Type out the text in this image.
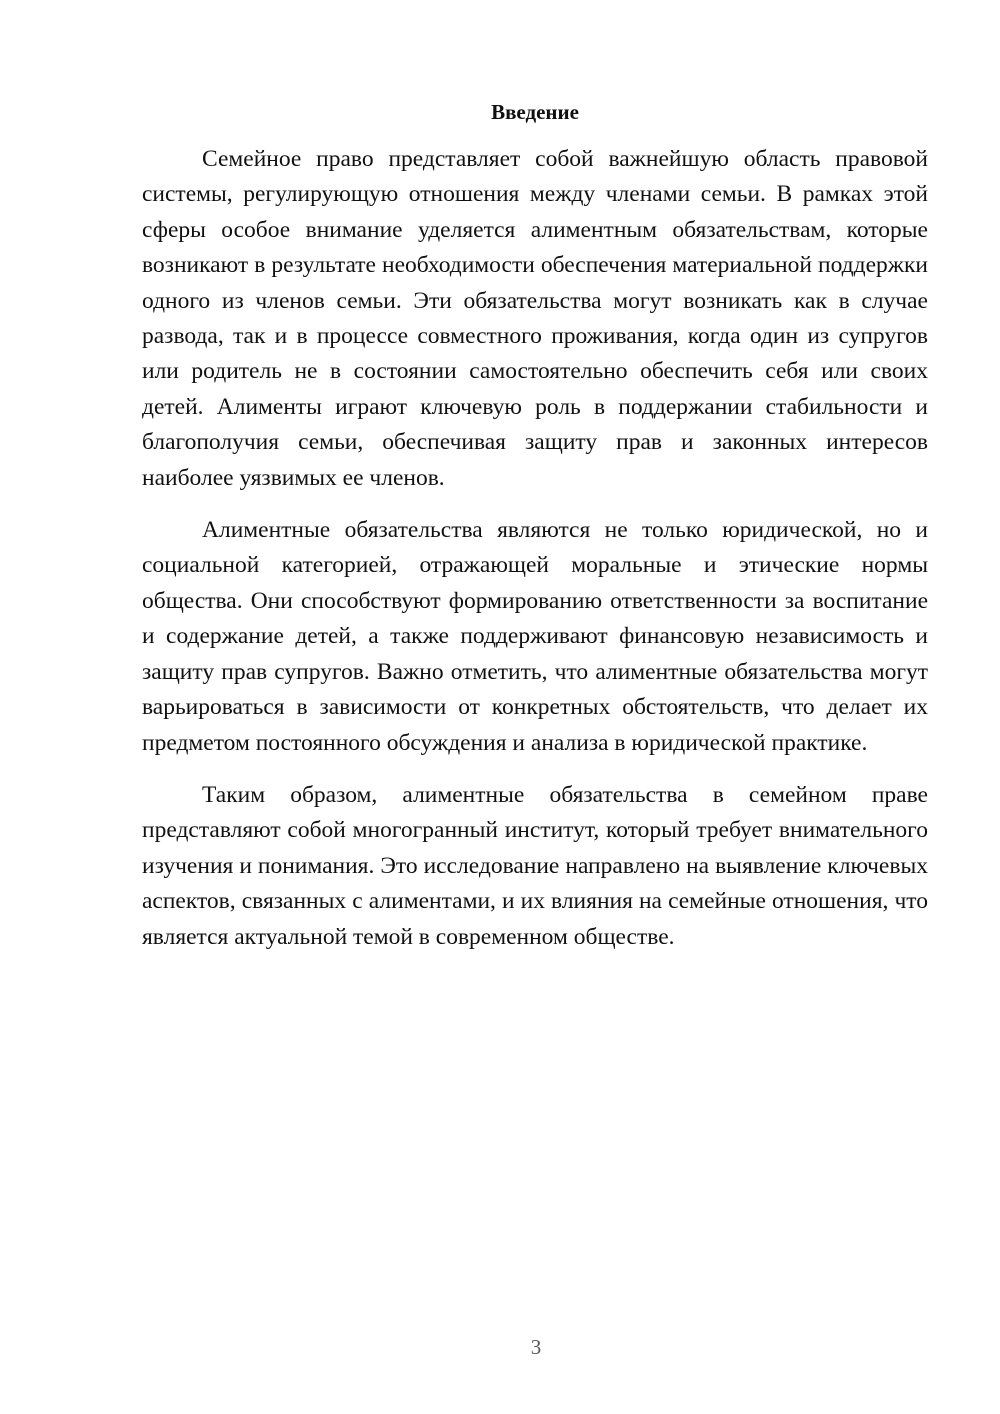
Введение

Семейное право представляет собой важнейшую область правовой системы, регулирующую отношения между членами семьи. В рамках этой сферы особое внимание уделяется алиментным обязательствам, которые возникают в результате необходимости обеспечения материальной поддержки одного из членов семьи. Эти обязательства могут возникать как в случае развода, так и в процессе совместного проживания, когда один из супругов или родитель не в состоянии самостоятельно обеспечить себя или своих детей. Алименты играют ключевую роль в поддержании стабильности и благополучия семьи, обеспечивая защиту прав и законных интересов наиболее уязвимых ее членов.

Алиментные обязательства являются не только юридической, но и социальной категорией, отражающей моральные и этические нормы общества. Они способствуют формированию ответственности за воспитание и содержание детей, а также поддерживают финансовую независимость и защиту прав супругов. Важно отметить, что алиментные обязательства могут варьироваться в зависимости от конкретных обстоятельств, что делает их предметом постоянного обсуждения и анализа в юридической практике.

Таким образом, алиментные обязательства в семейном праве представляют собой многогранный институт, который требует внимательного изучения и понимания. Это исследование направлено на выявление ключевых аспектов, связанных с алиментами, и их влияния на семейные отношения, что является актуальной темой в современном обществе.

3
